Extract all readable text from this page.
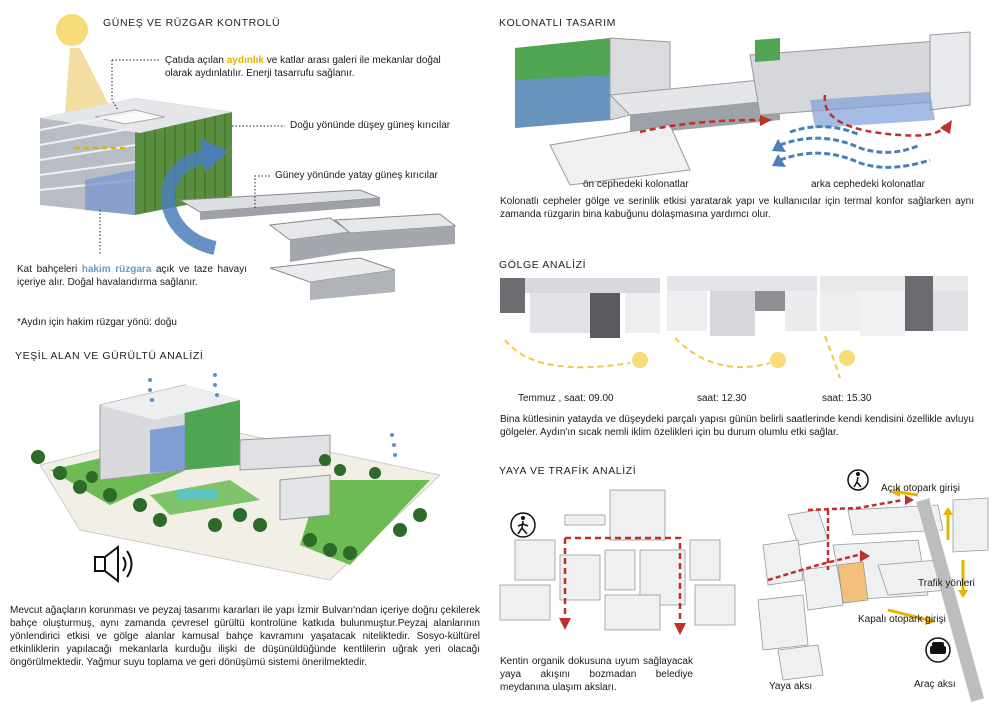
GÜNEŞ VE RÜZGAR KONTROLÜ
Çatıda açılan aydınlık ve katlar arası galeri ile mekanlar doğal olarak aydınlatılır. Enerji tasarrufu sağlanır.
Doğu yönünde düşey güneş kırıcılar
Güney yönünde yatay güneş kırıcılar
Kat bahçeleri hakim rüzgara açık ve taze havayı içeriye alır. Doğal havalandırma sağlanır.
*Aydın için hakim rüzgar yönü: doğu
YEŞİL ALAN VE GÜRÜLTÜ ANALİZİ
Mevcut ağaçların korunması ve peyzaj tasarımı kararları ile yapı İzmir Bulvarı'ndan içeriye doğru çekilerek bahçe oluşturmuş, aynı zamanda çevresel gürültü kontrolüne katkıda bulunmuştur.Peyzaj alanlarının yönlendirici etkisi ve gölge alanlar kamusal bahçe kavramını yaşatacak niteliktedir. Sosyo-kültürel etkinliklerin yapılacağı mekanlarla kurduğu ilişki de düşünüldüğünde kentlilerin uğrak yeri olacağı öngörülmektedir. Yağmur suyu toplama ve geri dönüşümü sistemi önerilmektedir.
KOLONATLI TASARIM
ön cephedeki kolonatlar	arka cephedeki kolonatlar
Kolonatlı cepheler gölge ve serinlik etkisi yaratarak yapı ve kullanıcılar için termal konfor sağlarken aynı zamanda rüzgarin bina kabuğunu dolaşmasına yardımcı olur.
GÖLGE ANALİZİ
Temmuz , saat: 09.00	saat: 12.30	saat: 15.30
Bina kütlesinin yatayda ve düşeydeki parçalı yapısı günün belirli saatlerinde kendi kendisini özellikle avluyu gölgeler. Aydın'ın sıcak nemli iklim özelikleri için bu durum olumlu etki sağlar.
YAYA VE TRAFİK ANALİZİ
Kentin organik dokusuna uyum sağlayacak yaya akışını bozmadan belediye meydanına ulaşım aksları.
Açık otopark girişi
Trafik yönleri
Kapalı otopark girişi
Yaya aksı	Araç aksı
